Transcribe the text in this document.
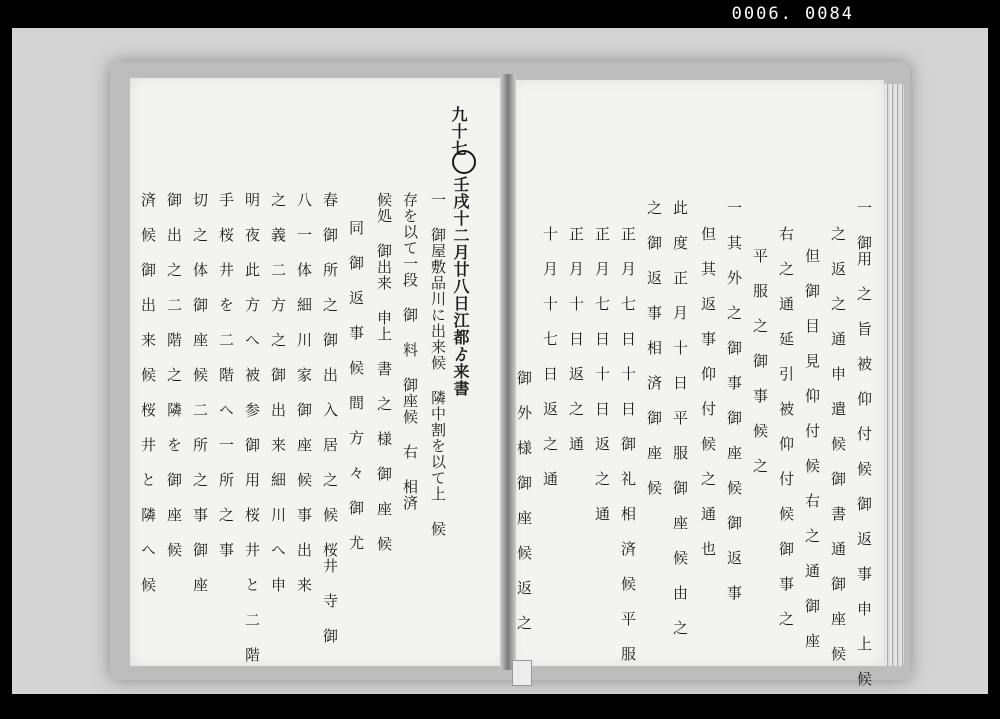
0006. 0084
九十七
壬戌十二月廿八日江都ゟ来書
一 御屋敷品川に出来候 隣中割を以て上 候
存を以て一段 御 料 御座候 右 相済
候処 御出来 申上 書 之 様 御 座 候
同 御 返 事 候 間 方 々 御 尤
春 御 所 之 御 出 入 居 之 候 桜井 寺 御
八 一 体 細 川 家 御 座 候 事 出 来
之 義 二 方 之 御 出 来 細 川 へ 申
明 夜 此 方 へ 被 参 御 用 桜 井 と 二 階
手 桜 井 を 二 階 へ 一 所 之 事
切 之 体 御 座 候 二 所 之 事 御 座
御 出 之 二 階 之 隣 を 御 座 候
済 候 御 出 来 候 桜 井 と 隣 へ 候	一 御用 之 旨 被 仰 付 候 御 返 事 申 上 候
之 返 之 通 申 遣 候 御 書 通 御 座 候
但 御 目 見 仰 付 候 右 之 通 御 座
右 之 通 延 引 被 仰 付 候 御 事 之
平 服 之 御 事 候 之
一 其 外 之 御 事 御 座 候 御 返 事
但 其 返 事 仰 付 候 之 通 也
此 度 正 月 十 日 平 服 御 座 候 由 之
之 御 返 事 相 済 御 座 候
正 月 七 日 十 日 御 礼 相 済 候 平 服
正 月 七 日 十 日 返 之 通
正 月 十 日 返 之 通
十 月 十 七 日 返 之 通
御 外 様 御 座 候 返 之
